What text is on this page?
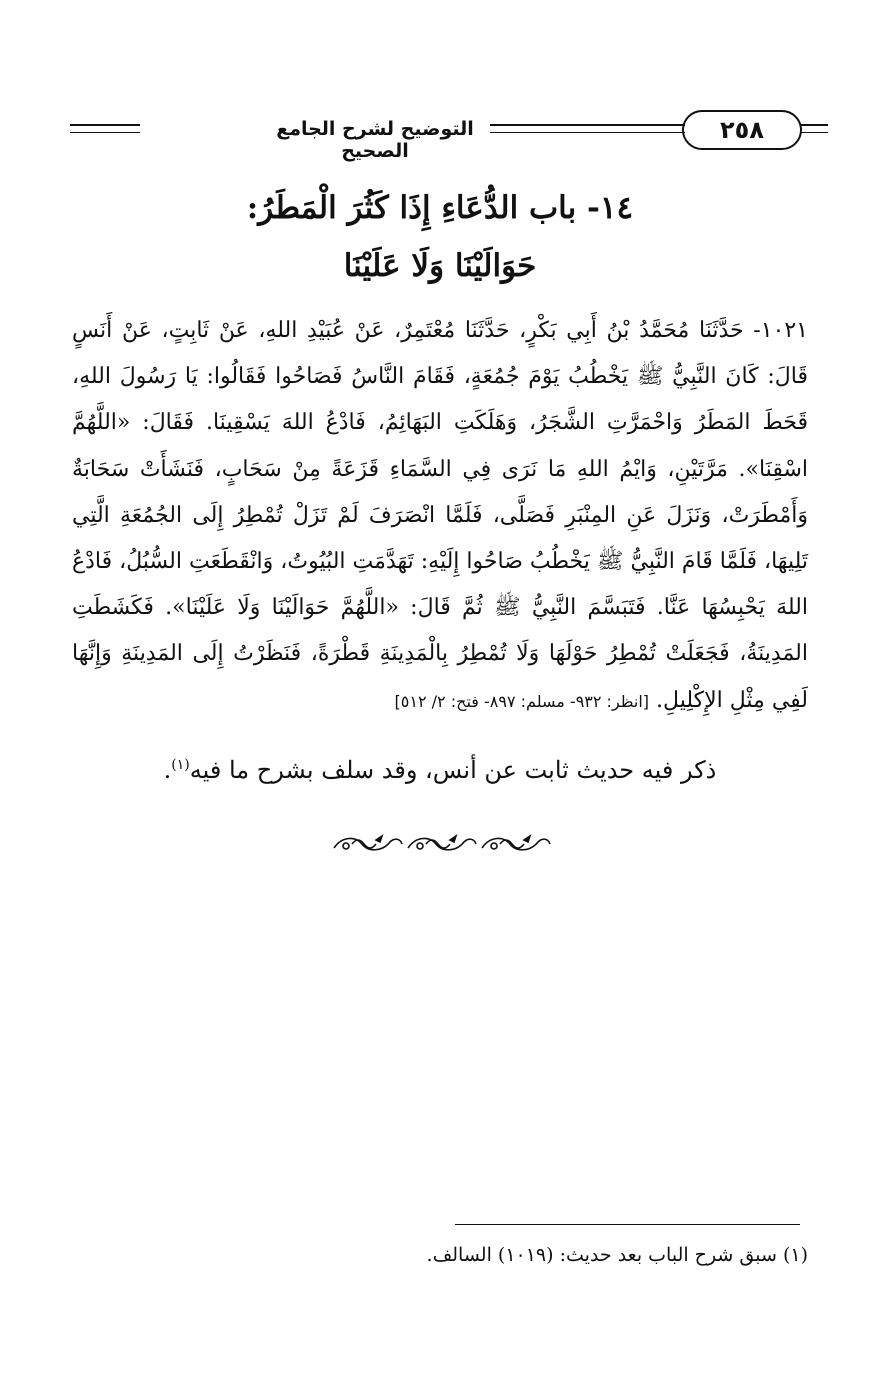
التوضيح لشرح الجامع الصحيح
٢٥٨
١٤- باب الدُّعَاءِ إِذَا كَثُرَ الْمَطَرُ:
حَوَالَيْنَا وَلَا عَلَيْنَا
١٠٢١- حَدَّثَنَا مُحَمَّدُ بْنُ أَبِي بَكْرٍ، حَدَّثَنَا مُعْتَمِرٌ، عَنْ عُبَيْدِ اللهِ، عَنْ ثَابِتٍ، عَنْ أَنَسٍ قَالَ: كَانَ النَّبِيُّ ﷺ يَخْطُبُ يَوْمَ جُمُعَةٍ، فَقَامَ النَّاسُ فَصَاحُوا فَقَالُوا: يَا رَسُولَ اللهِ، قَحَطَ المَطَرُ وَاحْمَرَّتِ الشَّجَرُ، وَهَلَكَتِ البَهَائِمُ، فَادْعُ اللهَ يَسْقِينَا. فَقَالَ: «اللَّهُمَّ اسْقِنَا». مَرَّتَيْنِ، وَايْمُ اللهِ مَا نَرَى فِي السَّمَاءِ قَزَعَةً مِنْ سَحَابٍ، فَنَشَأَتْ سَحَابَةٌ وَأَمْطَرَتْ، وَنَزَلَ عَنِ المِنْبَرِ فَصَلَّى، فَلَمَّا انْصَرَفَ لَمْ تَزَلْ تُمْطِرُ إِلَى الجُمُعَةِ الَّتِي تَلِيهَا، فَلَمَّا قَامَ النَّبِيُّ ﷺ يَخْطُبُ صَاحُوا إِلَيْهِ: تَهَدَّمَتِ البُيُوتُ، وَانْقَطَعَتِ السُّبُلُ، فَادْعُ اللهَ يَحْبِسُهَا عَنَّا. فَتَبَسَّمَ النَّبِيُّ ﷺ ثُمَّ قَالَ: «اللَّهُمَّ حَوَالَيْنَا وَلَا عَلَيْنَا». فَكَشَطَتِ المَدِينَةُ، فَجَعَلَتْ تُمْطِرُ حَوْلَهَا وَلَا تُمْطِرُ بِالْمَدِينَةِ قَطْرَةً، فَنَظَرْتُ إِلَى المَدِينَةِ وَإِنَّهَا لَفِي مِثْلِ الإِكْلِيلِ. [انظر: ٩٣٢- مسلم: ٨٩٧- فتح: ٢/ ٥١٢]
ذكر فيه حديث ثابت عن أنس، وقد سلف بشرح ما فيه$^{(١)}$.
(١) سبق شرح الباب بعد حديث: (١٠١٩) السالف.
